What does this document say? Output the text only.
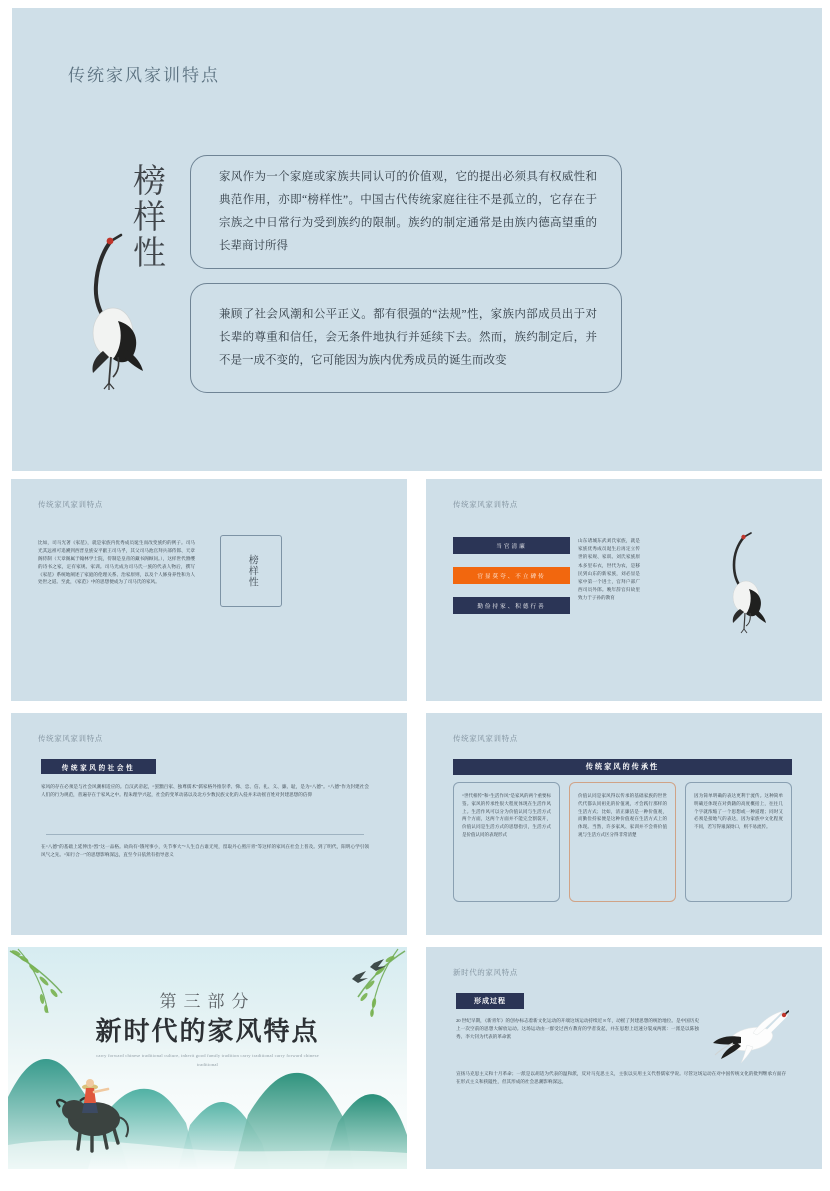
传统家风家训特点
榜样性	家风作为一个家庭或家族共同认可的价值观，它的提出必须具有权威性和典范作用，亦即“榜样性”。中国古代传统家庭往往不是孤立的，它存在于宗族之中日常行为受到族约的限制。族约的制定通常是由族内德高望重的长辈商讨所得

兼顾了社会风潮和公平正义。都有很强的“法规”性，家族内部成员出于对长辈的尊重和信任，会无条件地执行并延续下去。然而，族约制定后，并不是一成不变的，它可能因为族内优秀成员的诞生而改变

传统家风家训特点
比如，司马光著《家范》，就是家族内优秀成员诞生而改变族约的例子。司马光其远祖可追溯到西晋皇族安平献王司马孚，其父司马池官拜兵部侍郎、天章阁侍制（天章阁属于翰林学士院，侍制是皇帝的藏书阁顾问。），这样世代簪缨的诗书之家，定有家规、家训。司马光成为司马氏一族的代表人物后，撰写《家范》系统地阐述了家庭的伦理关系、治家原则，以及个人修身养性和为人处世之道。至此，《家范》中的思想便成为了司马氏的家风。	榜样性
传统家风家训特点
当官清廉
官显莫夸、不立碑传
勤俭持家、积德行善
山东诸城东武刘氏家族，就是家族优秀成员诞生后再定立传世的家规、家训。刘氏家族原本多里布衣，世代为农，是移民到山东的新家族，刘必显是家中第一个进士，官拜户部广西司员外郎。晚年辞官归故里致力于子孙的教育
传统家风家训特点
传统家风的社会性
家风的存在必须是与社会风潮相适应的。自汉武帝起，“罢黜百家、独尊儒术”儒家格外推崇孝、悌、忠、信、礼、义、廉、耻，是为“八德”。“八德”作为封建社会人们的行为规范，普遍存在于家风之中。程朱理学兴起，社会的变革动荡以及北方少数民族文化的入侵并未动摇百姓对封建思想的信仰
在“八德”的基础上延伸出“烈”这一品格。故尚有“饿死事小，失节事大”“人生自古谁无死，留取丹心照汗青”等这样的家风在社会上普及。到了明代，阳明心学引领风气之先。“知行合一”的思想影响深远，直至今日依然有指导意义
传统家风家训特点
传统家风的传承性
“世代相传”和“生活作风”是家风的两个重要标签。家风的传承性很大程度体现在生活作风上。生活作风可以分为价值认同与生活方式两个方面，这两个方面并不能完全割裂开，价值认同是生活方式的思想指引，生活方式是价值认同的表现形式
价值认同是家风得以传承的基础家族的世世代代都认同祖先的价值观，才会践行那样的生活方式；比如，清正廉洁是一种价值观，而勤俭持家便是这种价值观在生活方式上的体现。当然，许多家风、家训并不会将价值观与生活方式区分得非常清楚
因为简单明确的表达更利于流传。这种简单明确还体现在对典籍的高度概括上，往往几个字就浓缩了一个思想或一种道理；同时又必须是接地气的表达，因为家族中文化程度不同，若写得艰深拗口，则不易流传。
第三部分
新时代的家风特点
carry forward chinese traditional culture, inherit good family tradition carry traditional carry forward chinese traditional
新时代的家风特点
形成过程
20 世纪早期，《新青年》的创办标志着新文化运动的开端这场运动持续近 8 年，动摇了封建思想的统治地位。是中国历史上一次空前的思想大解放运动。这场运动由一群受过西方教育的学者发起，并在思想上迅速分裂成两派：一派是以陈独秀、李大钊为代表的革命派
宣扬马克思主义和十月革命；一派是以胡适为代表的温和派，反对马克思主义，主张以实用主义代替儒家学说。尽管这场运动在对中国传统文化的批判继承方面存在形式主义和狭隘性，但其形成的社会思潮影响深远。
